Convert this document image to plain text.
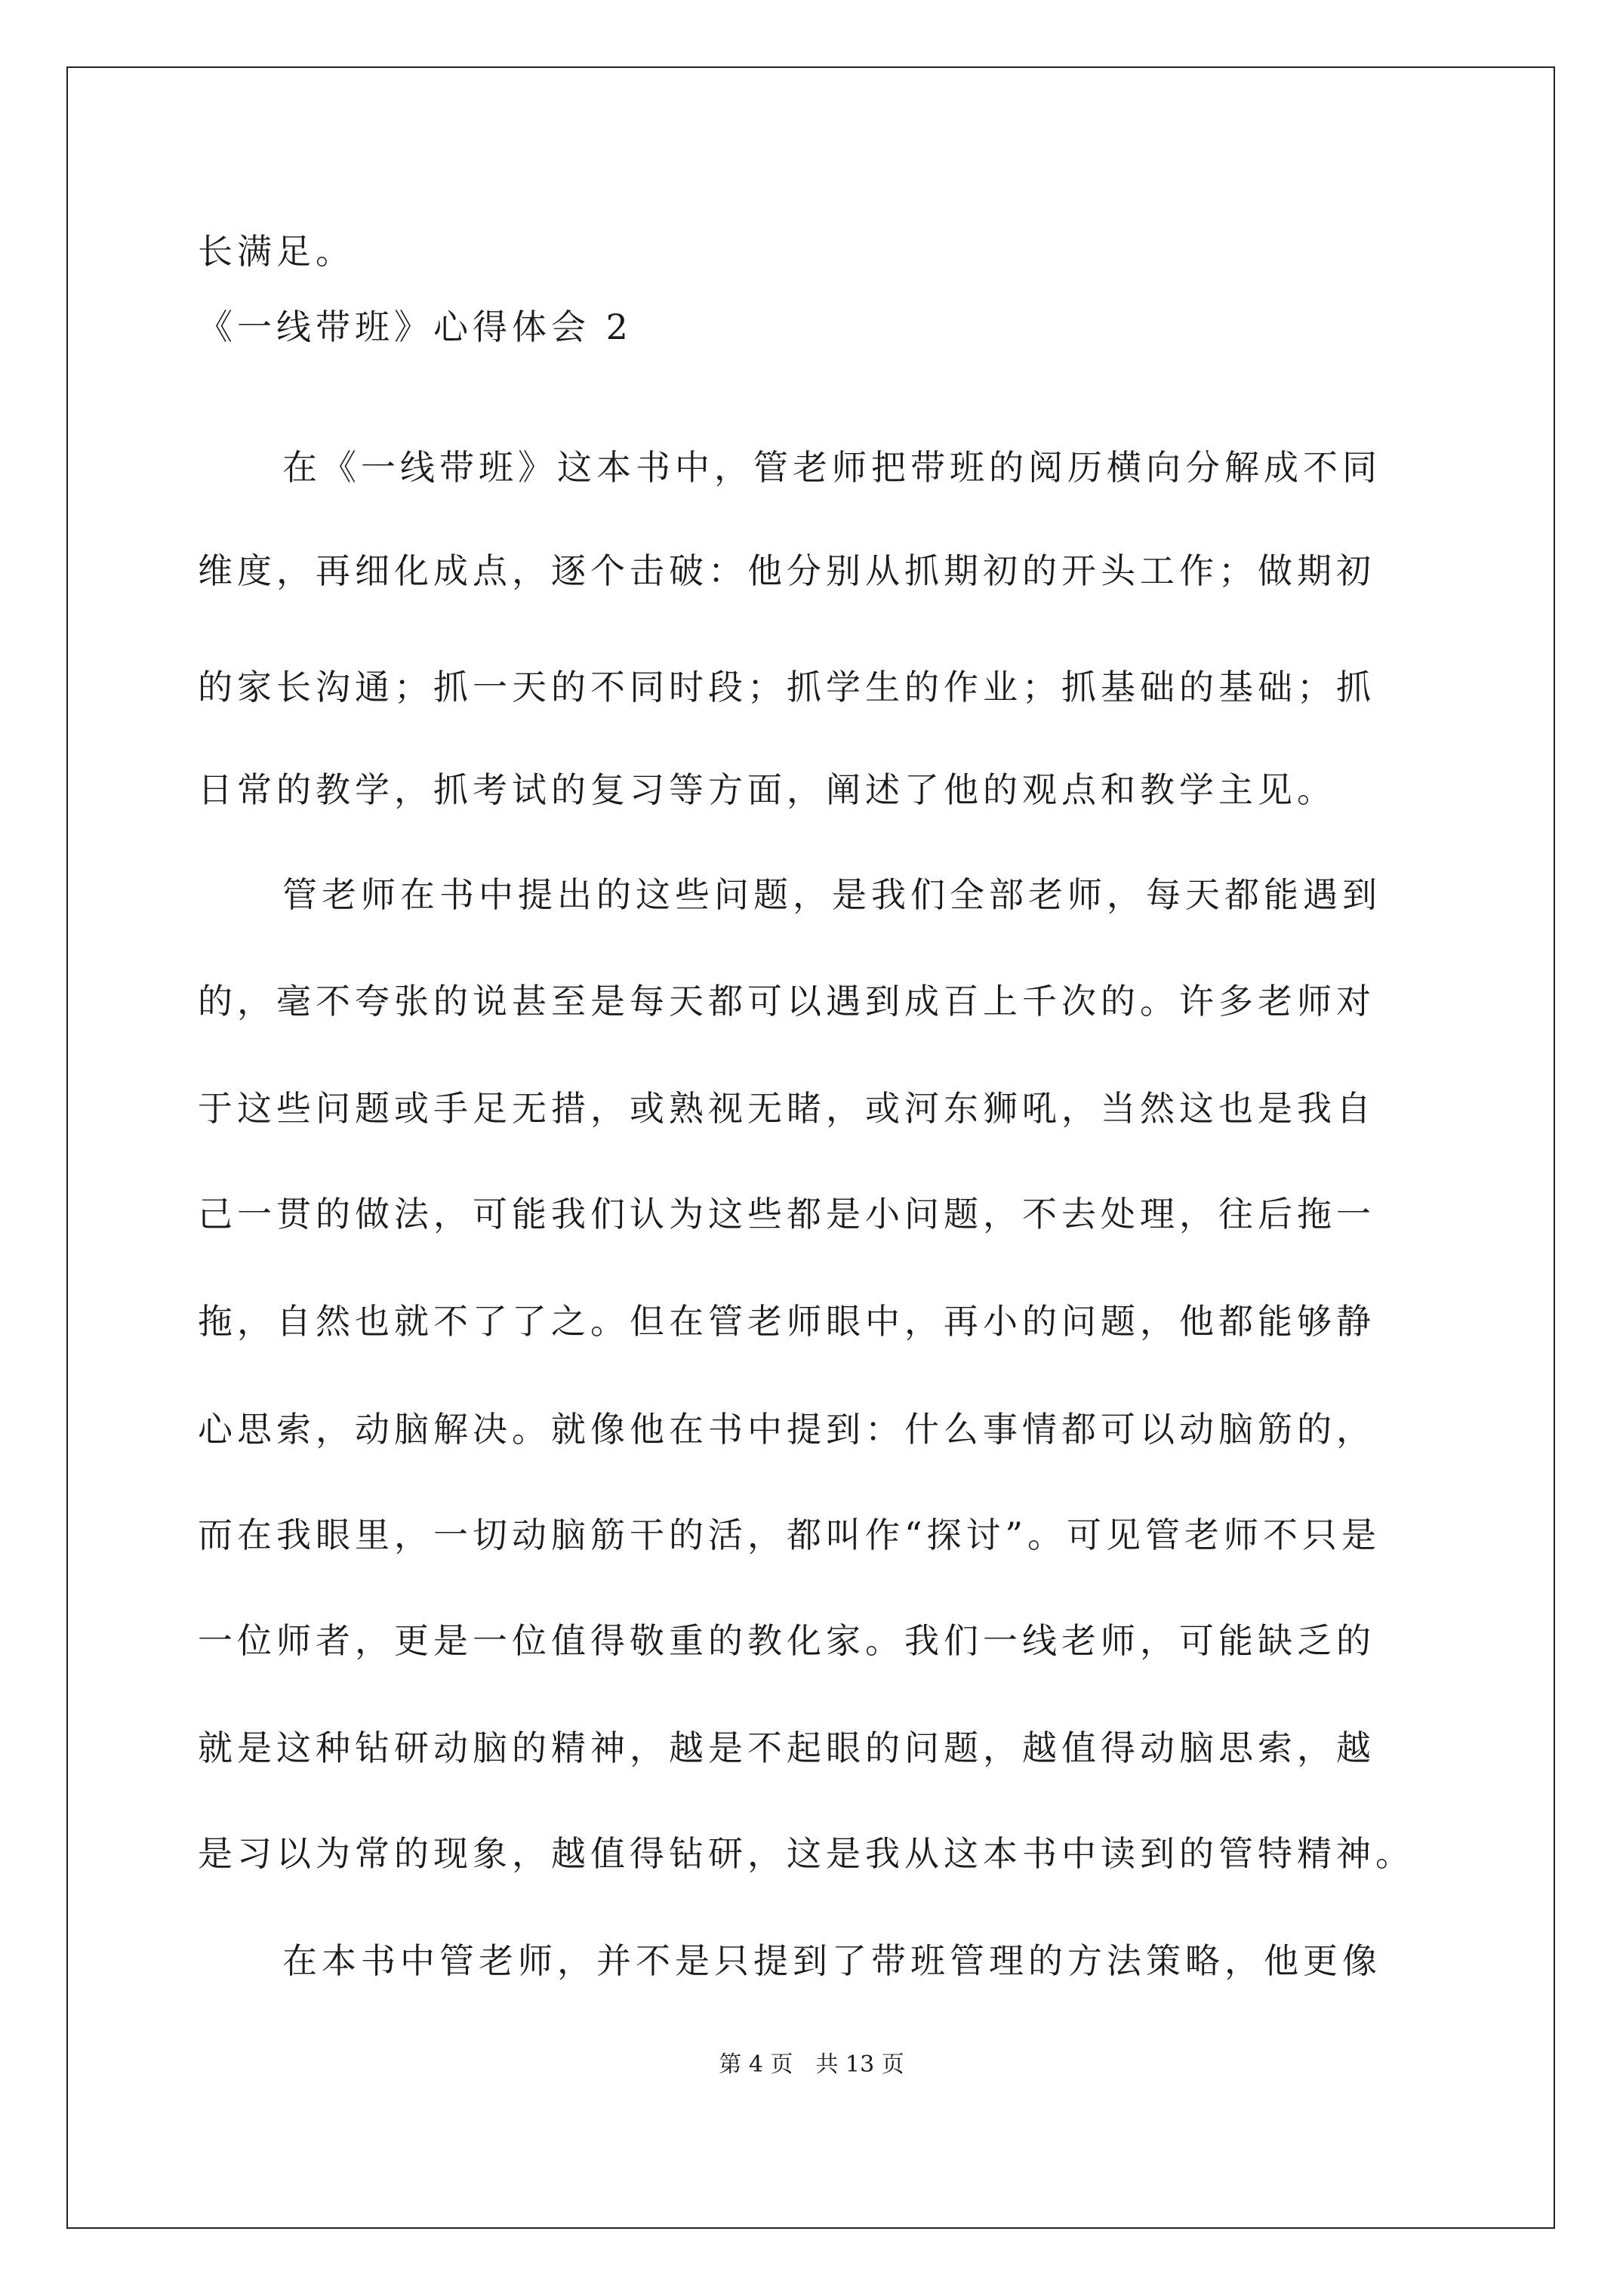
长满足。
《一线带班》心得体会 2
在《一线带班》这本书中，管老师把带班的阅历横向分解成不同
维度，再细化成点，逐个击破：他分别从抓期初的开头工作；做期初
的家长沟通；抓一天的不同时段；抓学生的作业；抓基础的基础；抓
日常的教学，抓考试的复习等方面，阐述了他的观点和教学主见。
管老师在书中提出的这些问题，是我们全部老师，每天都能遇到
的，毫不夸张的说甚至是每天都可以遇到成百上千次的。许多老师对
于这些问题或手足无措，或熟视无睹，或河东狮吼，当然这也是我自
己一贯的做法，可能我们认为这些都是小问题，不去处理，往后拖一
拖，自然也就不了了之。但在管老师眼中，再小的问题，他都能够静
心思索，动脑解决。就像他在书中提到：什么事情都可以动脑筋的，
而在我眼里，一切动脑筋干的活，都叫作“探讨”。可见管老师不只是
一位师者，更是一位值得敬重的教化家。我们一线老师，可能缺乏的
就是这种钻研动脑的精神，越是不起眼的问题，越值得动脑思索，越
是习以为常的现象，越值得钻研，这是我从这本书中读到的管特精神。
在本书中管老师，并不是只提到了带班管理的方法策略，他更像
第 4 页　共 13 页
